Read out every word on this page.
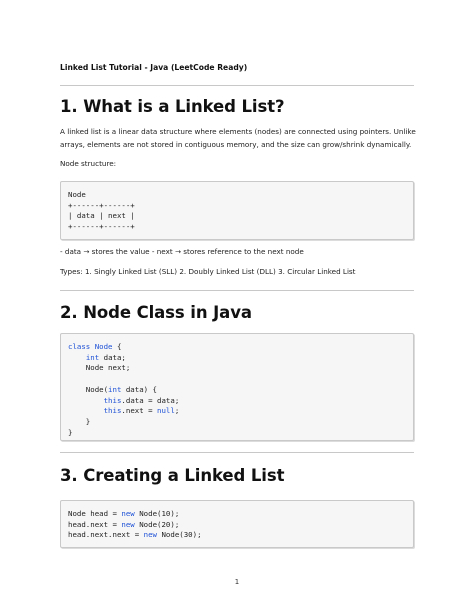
Linked List Tutorial - Java (LeetCode Ready)
1. What is a Linked List?
A linked list is a linear data structure where elements (nodes) are connected using pointers. Unlike arrays, elements are not stored in contiguous memory, and the size can grow/shrink dynamically.
Node structure:
Node
+------+------+
| data | next |
+------+------+
- data → stores the value - next → stores reference to the next node
Types: 1. Singly Linked List (SLL) 2. Doubly Linked List (DLL) 3. Circular Linked List
2. Node Class in Java
class Node {
int data;
Node next;

Node(int data) {
this.data = data;
this.next = null;
}
}
3. Creating a Linked List
Node head = new Node(10);
head.next = new Node(20);
head.next.next = new Node(30);
1
